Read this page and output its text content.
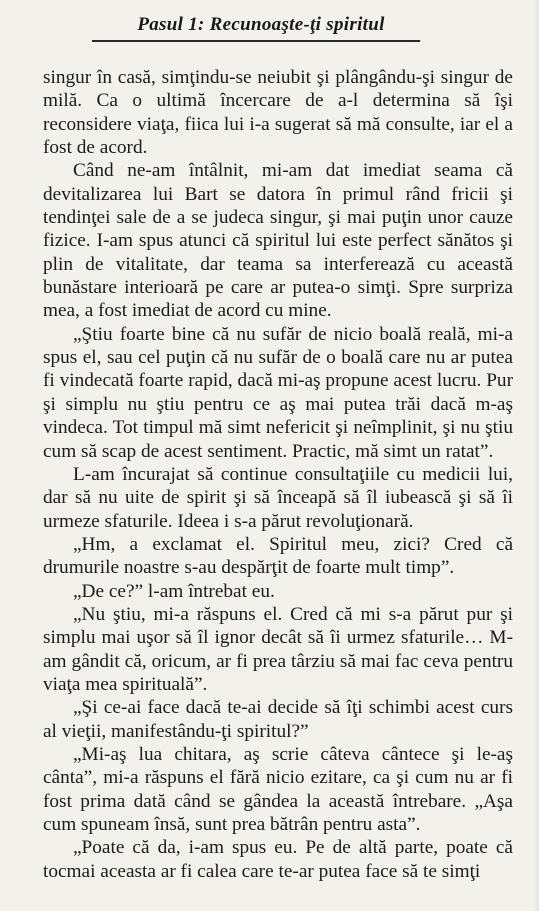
Pasul 1: Recunoaşte-ţi spiritul
~

singur în casă, simţindu-se neiubit şi plângându-şi singur de milă. Ca o ultimă încercare de a-l determina să îşi reconsidere viaţa, fiica lui i-a sugerat să mă consulte, iar el a fost de acord.

Când ne-am întâlnit, mi-am dat imediat seama că devitalizarea lui Bart se datora în primul rând fricii şi tendinţei sale de a se judeca singur, şi mai puţin unor cauze fizice. I-am spus atunci că spiritul lui este perfect sănătos şi plin de vitalitate, dar teama sa interferează cu această bunăstare interioară pe care ar putea-o simţi. Spre surpriza mea, a fost imediat de acord cu mine.

„Ştiu foarte bine că nu sufăr de nicio boală reală, mi-a spus el, sau cel puţin că nu sufăr de o boală care nu ar putea fi vindecată foarte rapid, dacă mi-aş propune acest lucru. Pur şi simplu nu ştiu pentru ce aş mai putea trăi dacă m-aş vindeca. Tot timpul mă simt nefericit şi neîmplinit, şi nu ştiu cum să scap de acest sentiment. Practic, mă simt un ratat”.

L-am încurajat să continue consultaţiile cu medicii lui, dar să nu uite de spirit şi să înceapă să îl iubească şi să îi urmeze sfaturile. Ideea i s-a părut revoluţionară.

„Hm, a exclamat el. Spiritul meu, zici? Cred că drumurile noastre s-au despărţit de foarte mult timp”.

„De ce?” l-am întrebat eu.

„Nu ştiu, mi-a răspuns el. Cred că mi s-a părut pur şi simplu mai uşor să îl ignor decât să îi urmez sfaturile… M-am gândit că, oricum, ar fi prea târziu să mai fac ceva pentru viaţa mea spirituală”.

„Şi ce-ai face dacă te-ai decide să îţi schimbi acest curs al vieţii, manifestându-ţi spiritul?”

„Mi-aş lua chitara, aş scrie câteva cântece şi le-aş cânta”, mi-a răspuns el fără nicio ezitare, ca şi cum nu ar fi fost prima dată când se gândea la această întrebare. „Aşa cum spuneam însă, sunt prea bătrân pentru asta”.

„Poate că da, i-am spus eu. Pe de altă parte, poate că tocmai aceasta ar fi calea care te-ar putea face să te simţi
